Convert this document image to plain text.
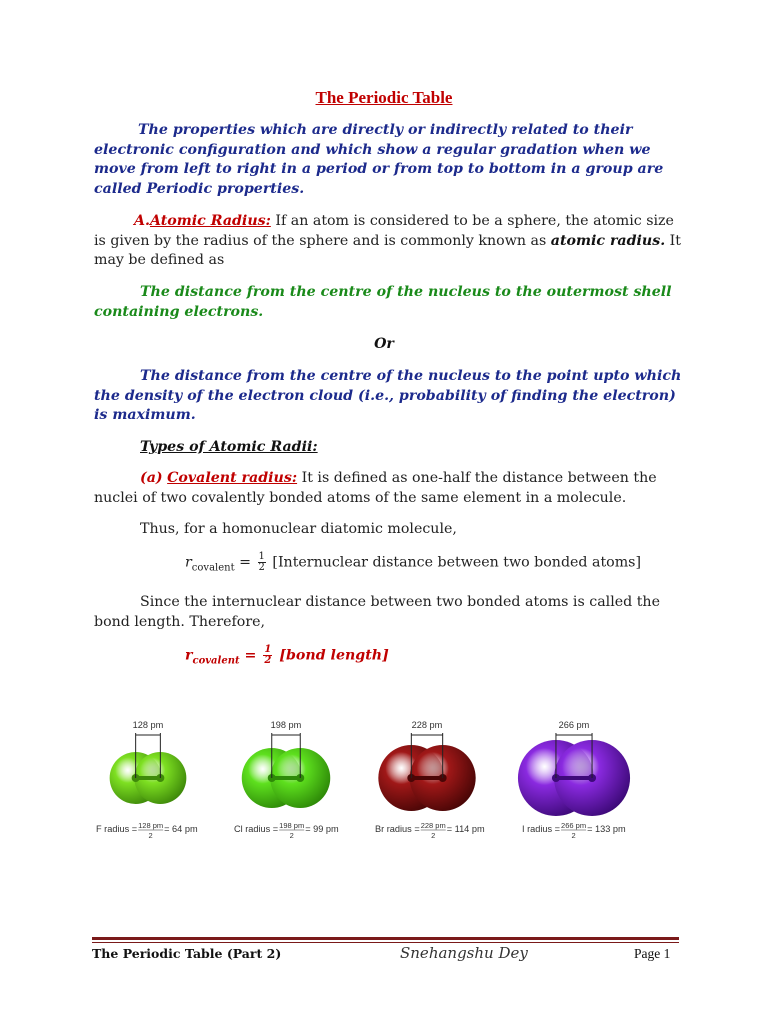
The Periodic Table
The properties which are directly or indirectly related to their electronic configuration and which show a regular gradation when we move from left to right in a period or from top to bottom in a group are called Periodic properties.
A.Atomic Radius: If an atom is considered to be a sphere, the atomic size is given by the radius of the sphere and is commonly known as atomic radius. It may be defined as
The distance from the centre of the nucleus to the outermost shell containing electrons.
Or
The distance from the centre of the nucleus to the point upto which the density of the electron cloud (i.e., probability of finding the electron) is maximum.
Types of Atomic Radii:
(a) Covalent radius: It is defined as one-half the distance between the nuclei of two covalently bonded atoms of the same element in a molecule.
Thus, for a homonuclear diatomic molecule,
$r_{covalent} = \frac{1}{2}$ [Internuclear distance between two bonded atoms]
Since the internuclear distance between two bonded atoms is called the bond length. Therefore,
$r_{covalent} = \frac{1}{2}$ [bond length]
128 pm
F radius = 128 pm
2
= 64 pm
198 pm
Cl radius = 198 pm
2
= 99 pm
228 pm
Br radius = 228 pm
2
= 114 pm
266 pm
I radius = 266 pm
2
= 133 pm
The Periodic Table (Part 2)	Snehangshu Dey	Page 1
